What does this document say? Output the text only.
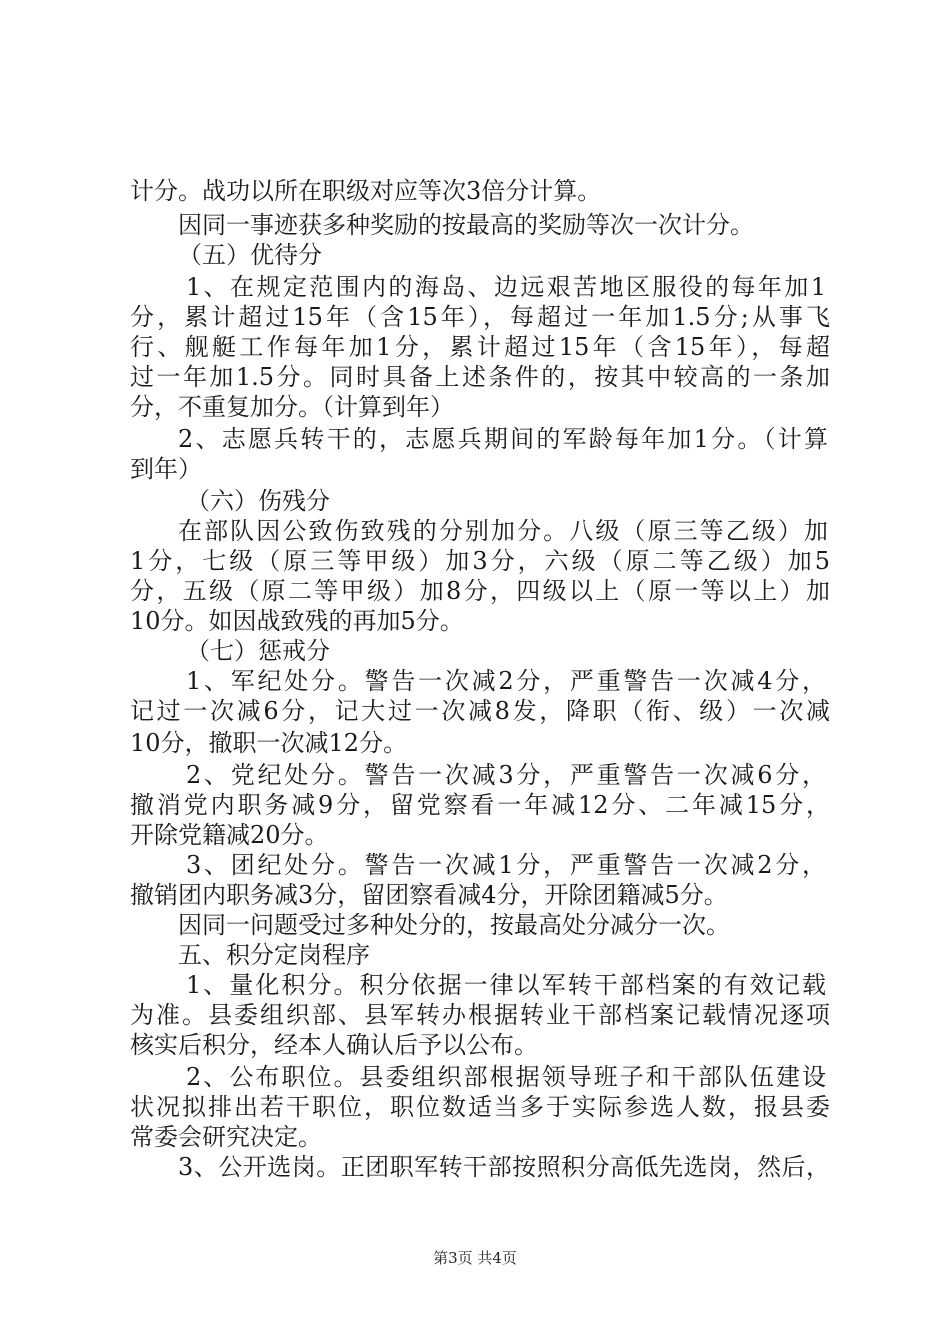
计分。战功以所在职级对应等次3倍分计算。
因同一事迹获多种奖励的按最高的奖励等次一次计分。
（五）优待分
1、在规定范围内的海岛、边远艰苦地区服役的每年加1
分，累计超过15年（含15年），每超过一年加1.5分;从事飞
行、舰艇工作每年加1分，累计超过15年（含15年），每超
过一年加1.5分。同时具备上述条件的，按其中较高的一条加
分，不重复加分。（计算到年）
2、志愿兵转干的，志愿兵期间的军龄每年加1分。（计算
到年）
（六）伤残分
在部队因公致伤致残的分别加分。八级（原三等乙级）加
1分，七级（原三等甲级）加3分，六级（原二等乙级）加5
分，五级（原二等甲级）加8分，四级以上（原一等以上）加
10分。如因战致残的再加5分。
（七）惩戒分
1、军纪处分。警告一次减2分，严重警告一次减4分，
记过一次减6分，记大过一次减8发，降职（衔、级）一次减
10分，撤职一次减12分。
2、党纪处分。警告一次减3分，严重警告一次减6分，
撤消党内职务减9分，留党察看一年减12分、二年减15分，
开除党籍减20分。
3、团纪处分。警告一次减1分，严重警告一次减2分，
撤销团内职务减3分，留团察看减4分，开除团籍减5分。
因同一问题受过多种处分的，按最高处分减分一次。
五、积分定岗程序
1、量化积分。积分依据一律以军转干部档案的有效记载
为准。县委组织部、县军转办根据转业干部档案记载情况逐项
核实后积分，经本人确认后予以公布。
2、公布职位。县委组织部根据领导班子和干部队伍建设
状况拟排出若干职位，职位数适当多于实际参选人数，报县委
常委会研究决定。
3、公开选岗。正团职军转干部按照积分高低先选岗，然后，
第3页 共4页
